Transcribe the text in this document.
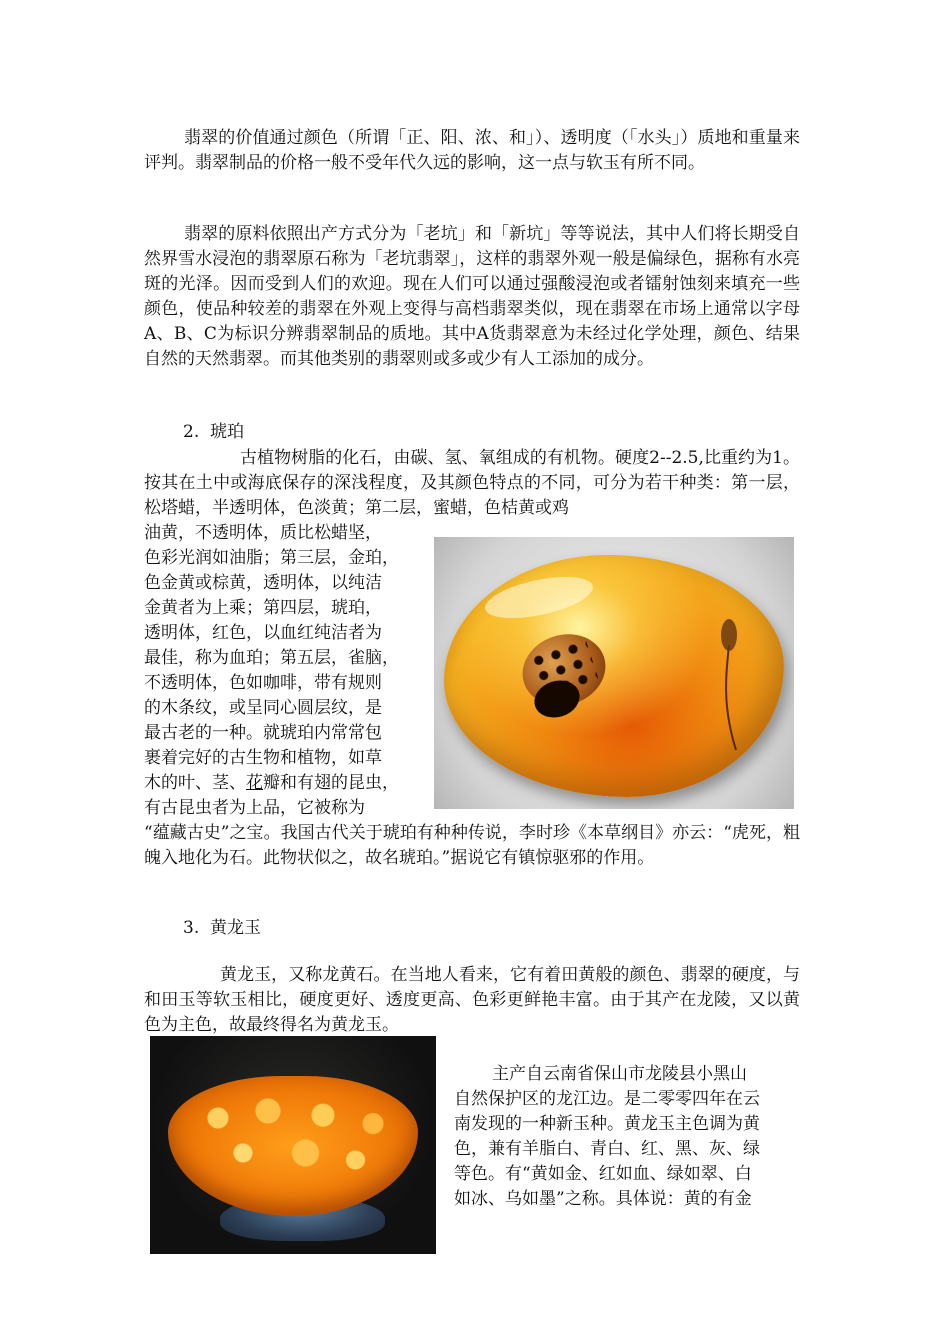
翡翠的价值通过颜色（所谓「正、阳、浓、和」）、透明度（「水头」）质地和重量来评判。翡翠制品的价格一般不受年代久远的影响，这一点与软玉有所不同。

翡翠的原料依照出产方式分为「老坑」和「新坑」等等说法，其中人们将长期受自然界雪水浸泡的翡翠原石称为「老坑翡翠」，这样的翡翠外观一般是偏绿色，据称有水亮斑的光泽。因而受到人们的欢迎。现在人们可以通过强酸浸泡或者镭射蚀刻来填充一些颜色，使品种较差的翡翠在外观上变得与高档翡翠类似，现在翡翠在市场上通常以字母A、B、C为标识分辨翡翠制品的质地。其中A货翡翠意为未经过化学处理，颜色、结果自然的天然翡翠。而其他类别的翡翠则或多或少有人工添加的成分。

2. 琥珀

古植物树脂的化石，由碳、氢、氧组成的有机物。硬度2--2.5,比重约为1。按其在土中或海底保存的深浅程度，及其颜色特点的不同，可分为若干种类：第一层，松塔蜡，半透明体，色淡黄；第二层，蜜蜡，色桔黄或鸡

油黄，不透明体，质比松蜡坚，
色彩光润如油脂；第三层，金珀，
色金黄或棕黄，透明体，以纯洁
金黄者为上乘；第四层，琥珀，
透明体，红色，以血红纯洁者为
最佳，称为血珀；第五层，雀脑，
不透明体，色如咖啡，带有规则
的木条纹，或呈同心圆层纹，是
最古老的一种。就琥珀内常常包
裹着完好的古生物和植物，如草
木的叶、茎、花瓣和有翅的昆虫，
有古昆虫者为上品，它被称为

“蕴藏古史”之宝。我国古代关于琥珀有种种传说，李时珍《本草纲目》亦云：“虎死，粗魄入地化为石。此物状似之，故名琥珀。”据说它有镇惊驱邪的作用。

3. 黄龙玉

黄龙玉，又称龙黄石。在当地人看来，它有着田黄般的颜色、翡翠的硬度，与和田玉等软玉相比，硬度更好、透度更高、色彩更鲜艳丰富。由于其产在龙陵，又以黄色为主色，故最终得名为黄龙玉。

主产自云南省保山市龙陵县小黑山
自然保护区的龙江边。是二零零四年在云
南发现的一种新玉种。黄龙玉主色调为黄
色，兼有羊脂白、青白、红、黑、灰、绿
等色。有“黄如金、红如血、绿如翠、白
如冰、乌如墨”之称。具体说：黄的有金
